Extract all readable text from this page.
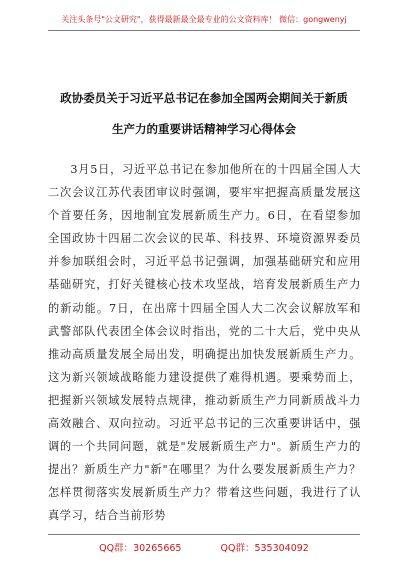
关注头条号"公文研究"，获得最新最全最专业的公文资料库！ 微信：gongwenyj
政协委员关于习近平总书记在参加全国两会期间关于新质
生产力的重要讲话精神学习心得体会
3月5日，习近平总书记在参加他所在的十四届全国人大二次会议江苏代表团审议时强调，要牢牢把握高质量发展这个首要任务，因地制宜发展新质生产力。6日，在看望参加全国政协十四届二次会议的民革、科技界、环境资源界委员并参加联组会时，习近平总书记强调，加强基础研究和应用基础研究，打好关键核心技术攻坚战，培育发展新质生产力的新动能。7日，在出席十四届全国人大二次会议解放军和武警部队代表团全体会议时指出，党的二十大后，党中央从推动高质量发展全局出发，明确提出加快发展新质生产力。这为新兴领域战略能力建设提供了难得机遇。要乘势而上，把握新兴领域发展特点规律，推动新质生产力同新质战斗力高效融合、双向拉动。习近平总书记的三次重要讲话中，强调的一个共同问题，就是"发展新质生产力"。新质生产力的提出？新质生产力"新"在哪里？为什么要发展新质生产力？怎样贯彻落实发展新质生产力？带着这些问题，我进行了认真学习，结合当前形势
QQ群：30265665	QQ群：535304092
